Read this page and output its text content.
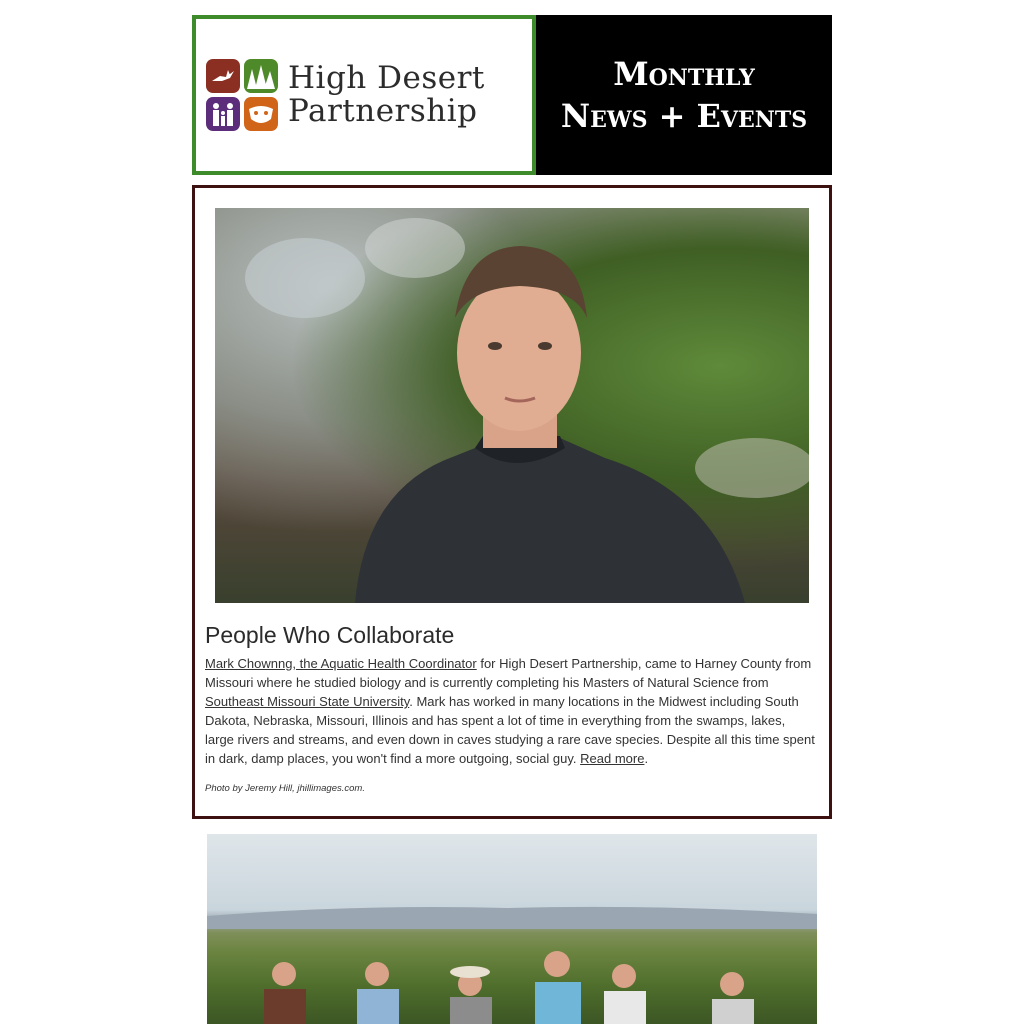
High Desert
Partnership
Monthly
News + Events
People Who Collaborate

Mark Chownng, the Aquatic Health Coordinator for High Desert Partnership, came to Harney County from Missouri where he studied biology and is currently completing his Masters of Natural Science from Southeast Missouri State University. Mark has worked in many locations in the Midwest including South Dakota, Nebraska, Missouri, Illinois and has spent a lot of time in everything from the swamps, lakes, large rivers and streams, and even down in caves studying a rare cave species. Despite all this time spent in dark, damp places, you won't find a more outgoing, social guy. Read more.

Photo by Jeremy Hill, jhillimages.com.
